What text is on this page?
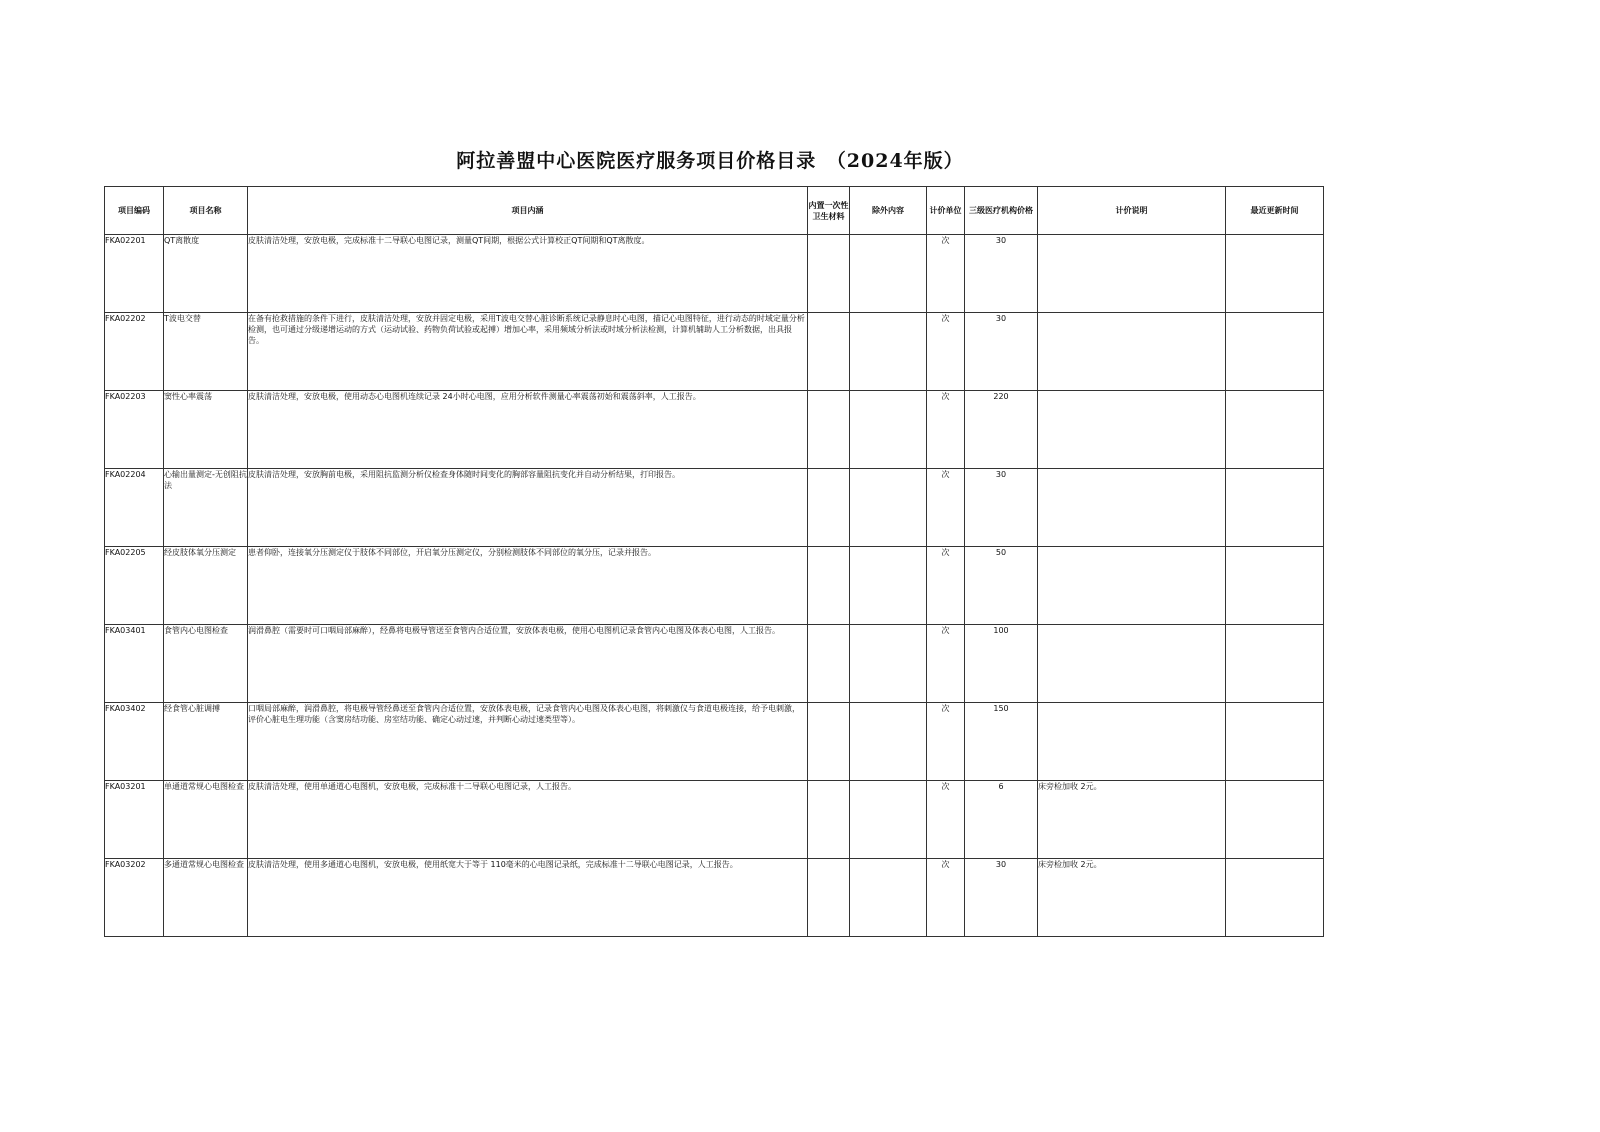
阿拉善盟中心医院医疗服务项目价格目录　（2024年版）
项目编码	项目名称	项目内涵	内置一次性卫生材料	除外内容	计价单位	三级医疗机构价格	计价说明	最近更新时间
FKA02201	QT离散度	皮肤清洁处理，安放电极，完成标准十二导联心电图记录，测量QT间期，根据公式计算校正QT间期和QT离散度。			次	30		
FKA02202	T波电交替	在备有抢救措施的条件下进行，皮肤清洁处理，安放并固定电极，采用T波电交替心脏诊断系统记录静息时心电图，描记心电图特征，进行动态的时域定量分析检测，也可通过分级递增运动的方式（运动试验、药物负荷试验或起搏）增加心率，采用频域分析法或时域分析法检测，计算机辅助人工分析数据，出具报告。			次	30		
FKA02203	窦性心率震荡	皮肤清洁处理，安放电极，使用动态心电图机连续记录 24小时心电图，应用分析软件测量心率震荡初始和震荡斜率，人工报告。			次	220		
FKA02204	心输出量测定-无创阻抗法	皮肤清洁处理，安放胸前电极，采用阻抗监测分析仪检查身体随时间变化的胸部容量阻抗变化并自动分析结果，打印报告。			次	30		
FKA02205	经皮肢体氧分压测定	患者仰卧，连接氧分压测定仪于肢体不同部位，开启氧分压测定仪，分别检测肢体不同部位的氧分压，记录并报告。			次	50		
FKA03401	食管内心电图检查	润滑鼻腔（需要时可口咽局部麻醉），经鼻将电极导管送至食管内合适位置，安放体表电极，使用心电图机记录食管内心电图及体表心电图，人工报告。			次	100		
FKA03402	经食管心脏调搏	口咽局部麻醉，润滑鼻腔，将电极导管经鼻送至食管内合适位置，安放体表电极，记录食管内心电图及体表心电图，将刺激仪与食道电极连接，给予电刺激，评价心脏电生理功能（含窦房结功能、房室结功能、确定心动过速，并判断心动过速类型等）。			次	150		
FKA03201	单通道常规心电图检查	皮肤清洁处理，使用单通道心电图机，安放电极，完成标准十二导联心电图记录，人工报告。			次	6	床旁检加收 2元。	
FKA03202	多通道常规心电图检查	皮肤清洁处理，使用多通道心电图机，安放电极，使用纸宽大于等于 110毫米的心电图记录纸，完成标准十二导联心电图记录，人工报告。			次	30	床旁检加收 2元。	
